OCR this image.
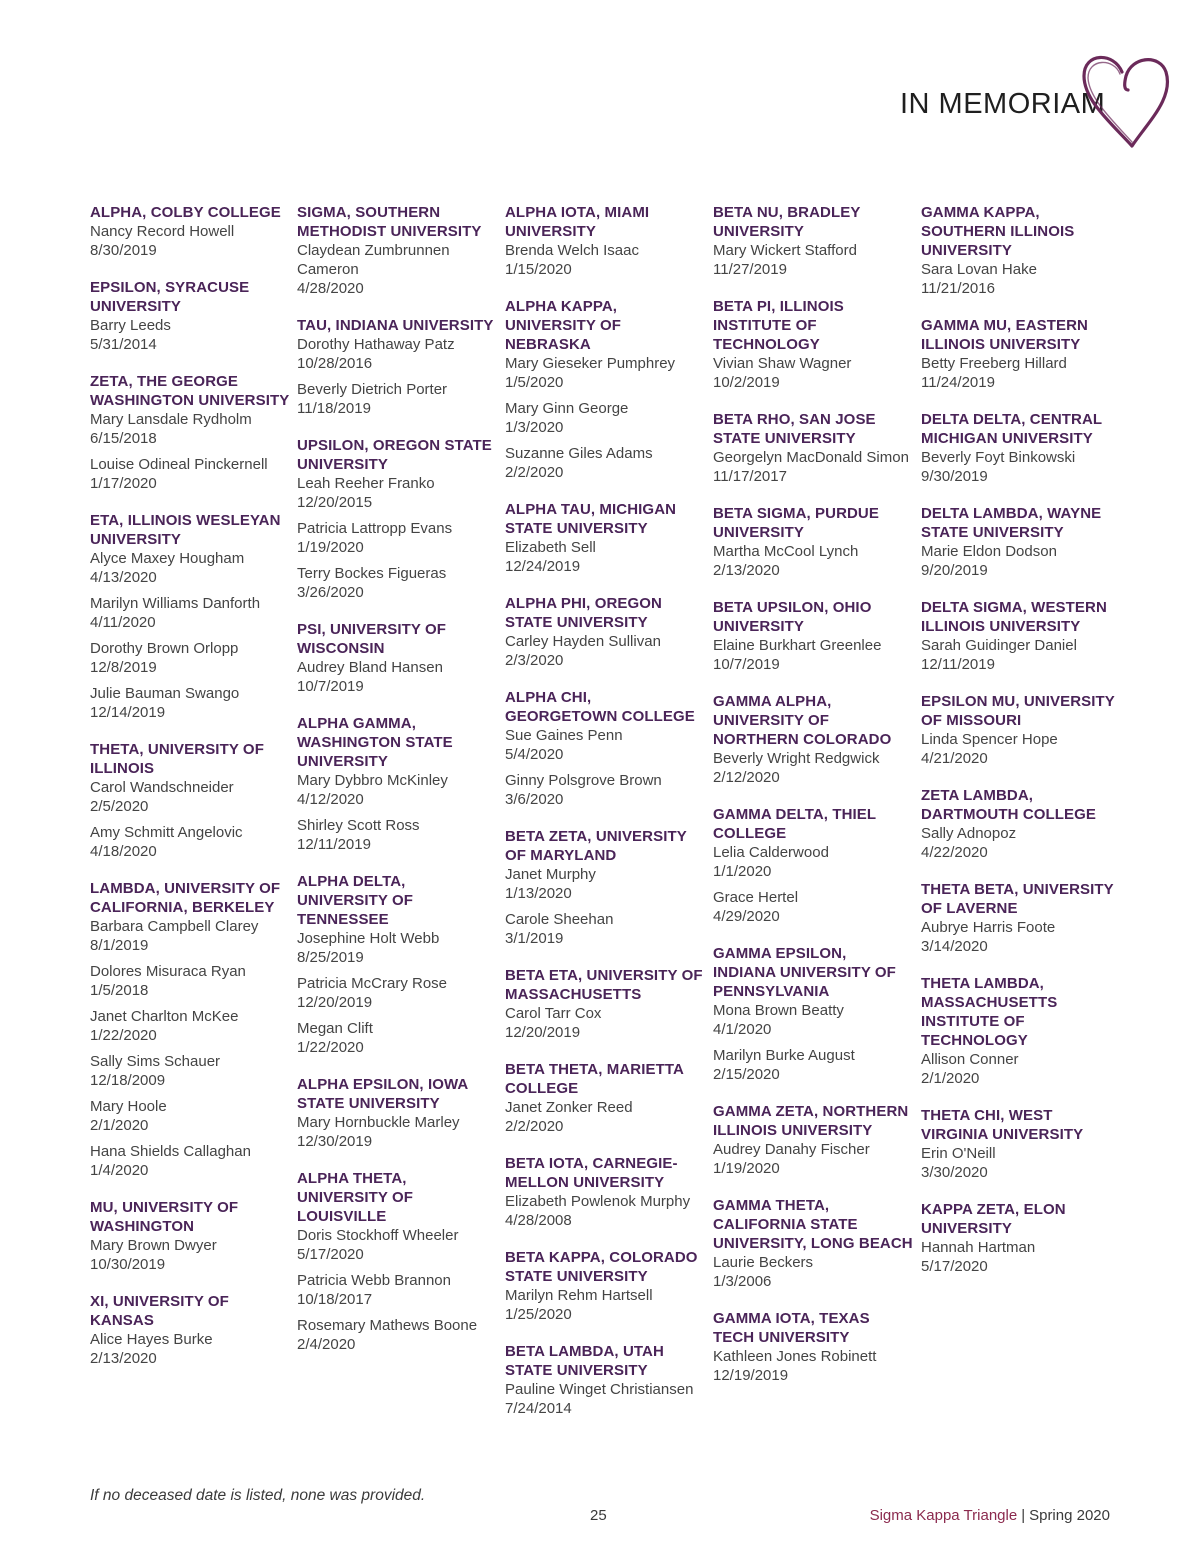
IN MEMORIAM
ALPHA, COLBY COLLEGE
Nancy Record Howell
8/30/2019
EPSILON, SYRACUSE UNIVERSITY
Barry Leeds
5/31/2014
ZETA, THE GEORGE WASHINGTON UNIVERSITY
Mary Lansdale Rydholm
6/15/2018
Louise Odineal Pinckernell
1/17/2020
ETA, ILLINOIS WESLEYAN UNIVERSITY
Alyce Maxey Hougham
4/13/2020
Marilyn Williams Danforth
4/11/2020
Dorothy Brown Orlopp
12/8/2019
Julie Bauman Swango
12/14/2019
THETA, UNIVERSITY OF ILLINOIS
Carol Wandschneider
2/5/2020
Amy Schmitt Angelovic
4/18/2020
LAMBDA, UNIVERSITY OF CALIFORNIA, BERKELEY
Barbara Campbell Clarey
8/1/2019
Dolores Misuraca Ryan
1/5/2018
Janet Charlton McKee
1/22/2020
Sally Sims Schauer
12/18/2009
Mary Hoole
2/1/2020
Hana Shields Callaghan
1/4/2020
MU, UNIVERSITY OF WASHINGTON
Mary Brown Dwyer
10/30/2019
XI, UNIVERSITY OF KANSAS
Alice Hayes Burke
2/13/2020
SIGMA, SOUTHERN METHODIST UNIVERSITY
Claydean Zumbrunnen Cameron
4/28/2020
TAU, INDIANA UNIVERSITY
Dorothy Hathaway Patz
10/28/2016
Beverly Dietrich Porter
11/18/2019
UPSILON, OREGON STATE UNIVERSITY
Leah Reeher Franko
12/20/2015
Patricia Lattropp Evans
1/19/2020
Terry Bockes Figueras
3/26/2020
PSI, UNIVERSITY OF WISCONSIN
Audrey Bland Hansen
10/7/2019
ALPHA GAMMA, WASHINGTON STATE UNIVERSITY
Mary Dybbro McKinley
4/12/2020
Shirley Scott Ross
12/11/2019
ALPHA DELTA, UNIVERSITY OF TENNESSEE
Josephine Holt Webb
8/25/2019
Patricia McCrary Rose
12/20/2019
Megan Clift
1/22/2020
ALPHA EPSILON, IOWA STATE UNIVERSITY
Mary Hornbuckle Marley
12/30/2019
ALPHA THETA, UNIVERSITY OF LOUISVILLE
Doris Stockhoff Wheeler
5/17/2020
Patricia Webb Brannon
10/18/2017
Rosemary Mathews Boone
2/4/2020
ALPHA IOTA, MIAMI UNIVERSITY
Brenda Welch Isaac
1/15/2020
ALPHA KAPPA, UNIVERSITY OF NEBRASKA
Mary Gieseker Pumphrey
1/5/2020
Mary Ginn George
1/3/2020
Suzanne Giles Adams
2/2/2020
ALPHA TAU, MICHIGAN STATE UNIVERSITY
Elizabeth Sell
12/24/2019
ALPHA PHI, OREGON STATE UNIVERSITY
Carley Hayden Sullivan
2/3/2020
ALPHA CHI, GEORGETOWN COLLEGE
Sue Gaines Penn
5/4/2020
Ginny Polsgrove Brown
3/6/2020
BETA ZETA, UNIVERSITY OF MARYLAND
Janet Murphy
1/13/2020
Carole Sheehan
3/1/2019
BETA ETA, UNIVERSITY OF MASSACHUSETTS
Carol Tarr Cox
12/20/2019
BETA THETA, MARIETTA COLLEGE
Janet Zonker Reed
2/2/2020
BETA IOTA, CARNEGIE-MELLON UNIVERSITY
Elizabeth Powlenok Murphy
4/28/2008
BETA KAPPA, COLORADO STATE UNIVERSITY
Marilyn Rehm Hartsell
1/25/2020
BETA LAMBDA, UTAH STATE UNIVERSITY
Pauline Winget Christiansen
7/24/2014
BETA NU, BRADLEY UNIVERSITY
Mary Wickert Stafford
11/27/2019
BETA PI, ILLINOIS INSTITUTE OF TECHNOLOGY
Vivian Shaw Wagner
10/2/2019
BETA RHO, SAN JOSE STATE UNIVERSITY
Georgelyn MacDonald Simon
11/17/2017
BETA SIGMA, PURDUE UNIVERSITY
Martha McCool Lynch
2/13/2020
BETA UPSILON, OHIO UNIVERSITY
Elaine Burkhart Greenlee
10/7/2019
GAMMA ALPHA, UNIVERSITY OF NORTHERN COLORADO
Beverly Wright Redgwick
2/12/2020
GAMMA DELTA, THIEL COLLEGE
Lelia Calderwood
1/1/2020
Grace Hertel
4/29/2020
GAMMA EPSILON, INDIANA UNIVERSITY OF PENNSYLVANIA
Mona Brown Beatty
4/1/2020
Marilyn Burke August
2/15/2020
GAMMA ZETA, NORTHERN ILLINOIS UNIVERSITY
Audrey Danahy Fischer
1/19/2020
GAMMA THETA, CALIFORNIA STATE UNIVERSITY, LONG BEACH
Laurie Beckers
1/3/2006
GAMMA IOTA, TEXAS TECH UNIVERSITY
Kathleen Jones Robinett
12/19/2019
GAMMA KAPPA, SOUTHERN ILLINOIS UNIVERSITY
Sara Lovan Hake
11/21/2016
GAMMA MU, EASTERN ILLINOIS UNIVERSITY
Betty Freeberg Hillard
11/24/2019
DELTA DELTA, CENTRAL MICHIGAN UNIVERSITY
Beverly Foyt Binkowski
9/30/2019
DELTA LAMBDA, WAYNE STATE UNIVERSITY
Marie Eldon Dodson
9/20/2019
DELTA SIGMA, WESTERN ILLINOIS UNIVERSITY
Sarah Guidinger Daniel
12/11/2019
EPSILON MU, UNIVERSITY OF MISSOURI
Linda Spencer Hope
4/21/2020
ZETA LAMBDA, DARTMOUTH COLLEGE
Sally Adnopoz
4/22/2020
THETA BETA, UNIVERSITY OF LAVERNE
Aubrye Harris Foote
3/14/2020
THETA LAMBDA, MASSACHUSETTS INSTITUTE OF TECHNOLOGY
Allison Conner
2/1/2020
THETA CHI, WEST VIRGINIA UNIVERSITY
Erin O'Neill
3/30/2020
KAPPA ZETA, ELON UNIVERSITY
Hannah Hartman
5/17/2020
If no deceased date is listed, none was provided.
25	Sigma Kappa Triangle | Spring 2020
